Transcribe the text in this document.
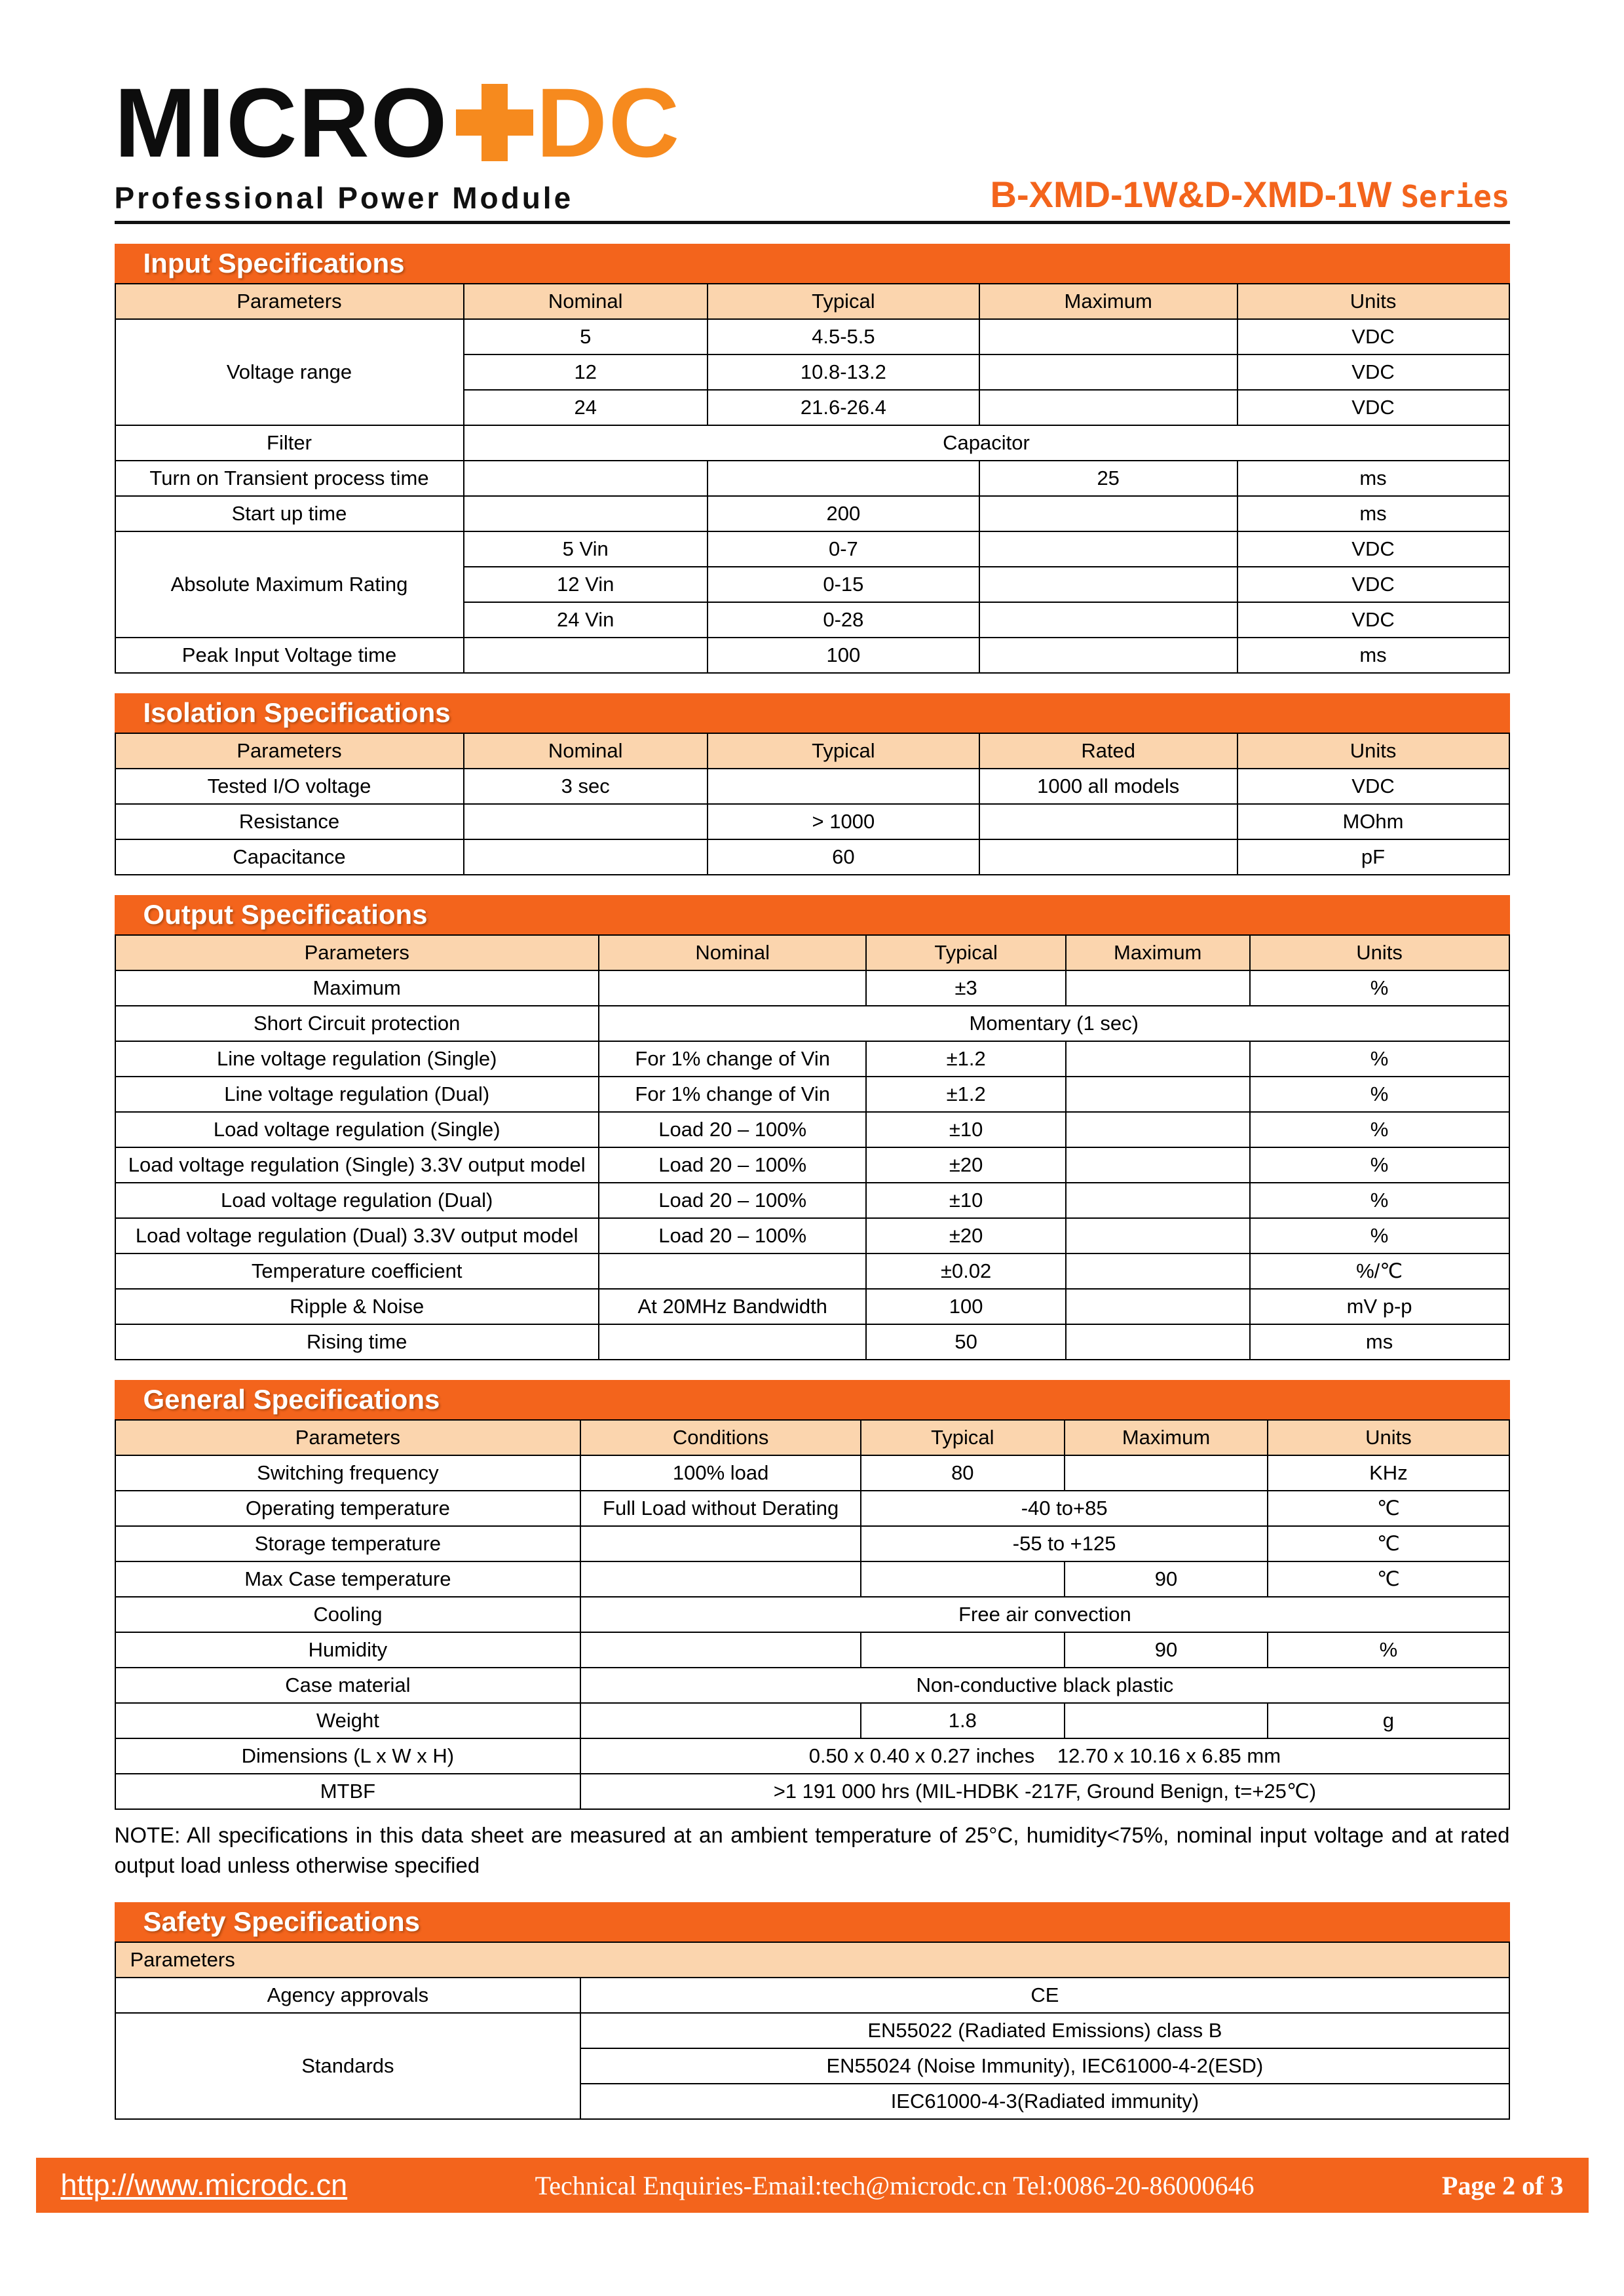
MICRO DC
Professional Power Module	B-XMD-1W&D-XMD-1W Series
Input Specifications
Parameters	Nominal	Typical	Maximum	Units
Voltage range	5	4.5-5.5		VDC
	12	10.8-13.2		VDC
	24	21.6-26.4		VDC
Filter	Capacitor			
Turn on Transient process time			25	ms
Start up time		200		ms
Absolute Maximum Rating	5 Vin	0-7		VDC
	12 Vin	0-15		VDC
	24 Vin	0-28		VDC
Peak Input Voltage time		100		ms
Isolation Specifications
Parameters	Nominal	Typical	Rated	Units
Tested I/O voltage	3 sec		1000 all models	VDC
Resistance		> 1000		MOhm
Capacitance		60		pF
Output Specifications
Parameters	Nominal	Typical	Maximum	Units
Maximum		±3		%
Short Circuit protection	Momentary (1 sec)			
Line voltage regulation (Single)	For 1% change of Vin	±1.2		%
Line voltage regulation (Dual)	For 1% change of Vin	±1.2		%
Load voltage regulation (Single)	Load 20 – 100%	±10		%
Load voltage regulation (Single) 3.3V output model	Load 20 – 100%	±20		%
Load voltage regulation (Dual)	Load 20 – 100%	±10		%
Load voltage regulation (Dual) 3.3V output model	Load 20 – 100%	±20		%
Temperature coefficient		±0.02		%/℃
Ripple & Noise	At 20MHz Bandwidth	100		mV p-p
Rising time		50		ms
General Specifications
Parameters	Conditions	Typical	Maximum	Units
Switching frequency	100% load	80		KHz
Operating temperature	Full Load without Derating	-40 to+85		℃
Storage temperature		-55 to +125		℃
Max Case temperature			90	℃
Cooling	Free air convection			
Humidity			90	%
Case material	Non-conductive black plastic			
Weight		1.8		g
Dimensions (L x W x H)	0.50 x 0.40 x 0.27 inches    12.70 x 10.16 x 6.85 mm			
MTBF	>1 191 000 hrs (MIL-HDBK -217F, Ground Benign, t=+25℃)			

NOTE: All specifications in this data sheet are measured at an ambient temperature of 25°C, humidity<75%, nominal input voltage and at rated output load unless otherwise specified

Safety Specifications
Parameters	
Agency approvals	CE
Standards	EN55022 (Radiated Emissions) class B
	EN55024 (Noise Immunity), IEC61000-4-2(ESD)
	IEC61000-4-3(Radiated immunity)
http://www.microdc.cn	Technical Enquiries-Email:tech@microdc.cn Tel:0086-20-86000646	Page 2 of 3
